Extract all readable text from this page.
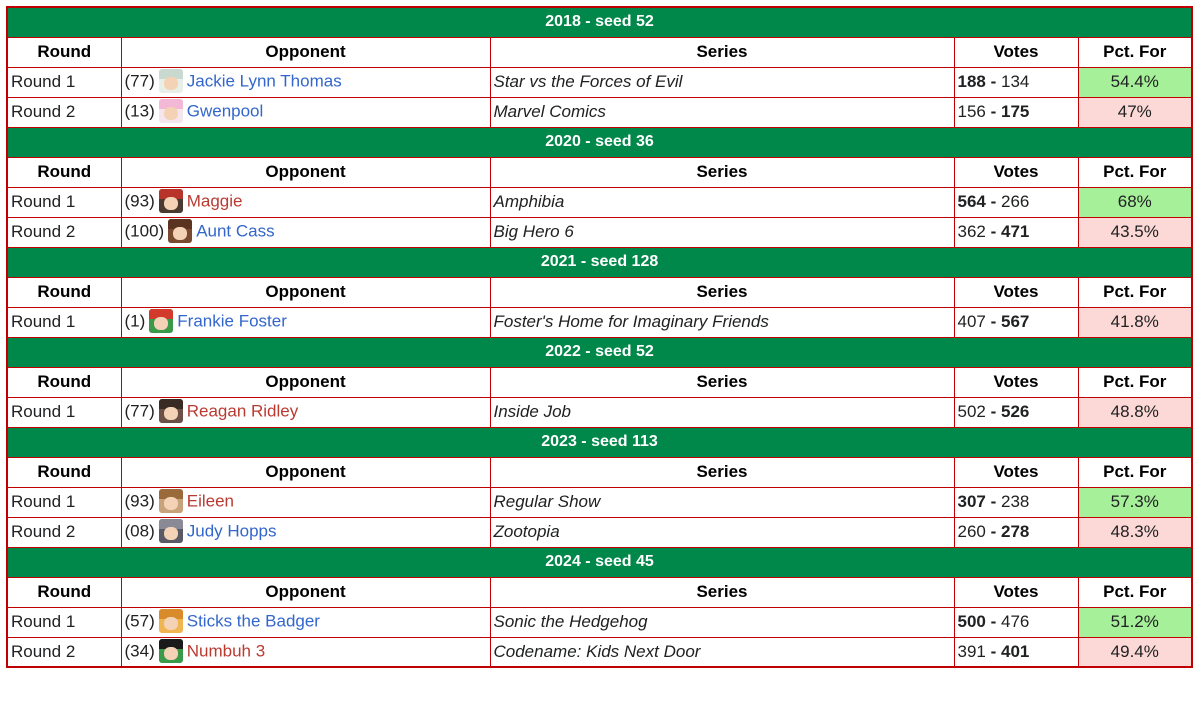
2018 - seed 52				
Round	Opponent	Series	Votes	Pct. For
Round 1	(77) Jackie Lynn Thomas	Star vs the Forces of Evil	188 - 134	54.4%
Round 2	(13) Gwenpool	Marvel Comics	156 - 175	47%
2020 - seed 36				
Round	Opponent	Series	Votes	Pct. For
Round 1	(93) Maggie	Amphibia	564 - 266	68%
Round 2	(100) Aunt Cass	Big Hero 6	362 - 471	43.5%
2021 - seed 128				
Round	Opponent	Series	Votes	Pct. For
Round 1	(1) Frankie Foster	Foster's Home for Imaginary Friends	407 - 567	41.8%
2022 - seed 52				
Round	Opponent	Series	Votes	Pct. For
Round 1	(77) Reagan Ridley	Inside Job	502 - 526	48.8%
2023 - seed 113				
Round	Opponent	Series	Votes	Pct. For
Round 1	(93) Eileen	Regular Show	307 - 238	57.3%
Round 2	(08) Judy Hopps	Zootopia	260 - 278	48.3%
2024 - seed 45				
Round	Opponent	Series	Votes	Pct. For
Round 1	(57) Sticks the Badger	Sonic the Hedgehog	500 - 476	51.2%
Round 2	(34) Numbuh 3	Codename: Kids Next Door	391 - 401	49.4%
